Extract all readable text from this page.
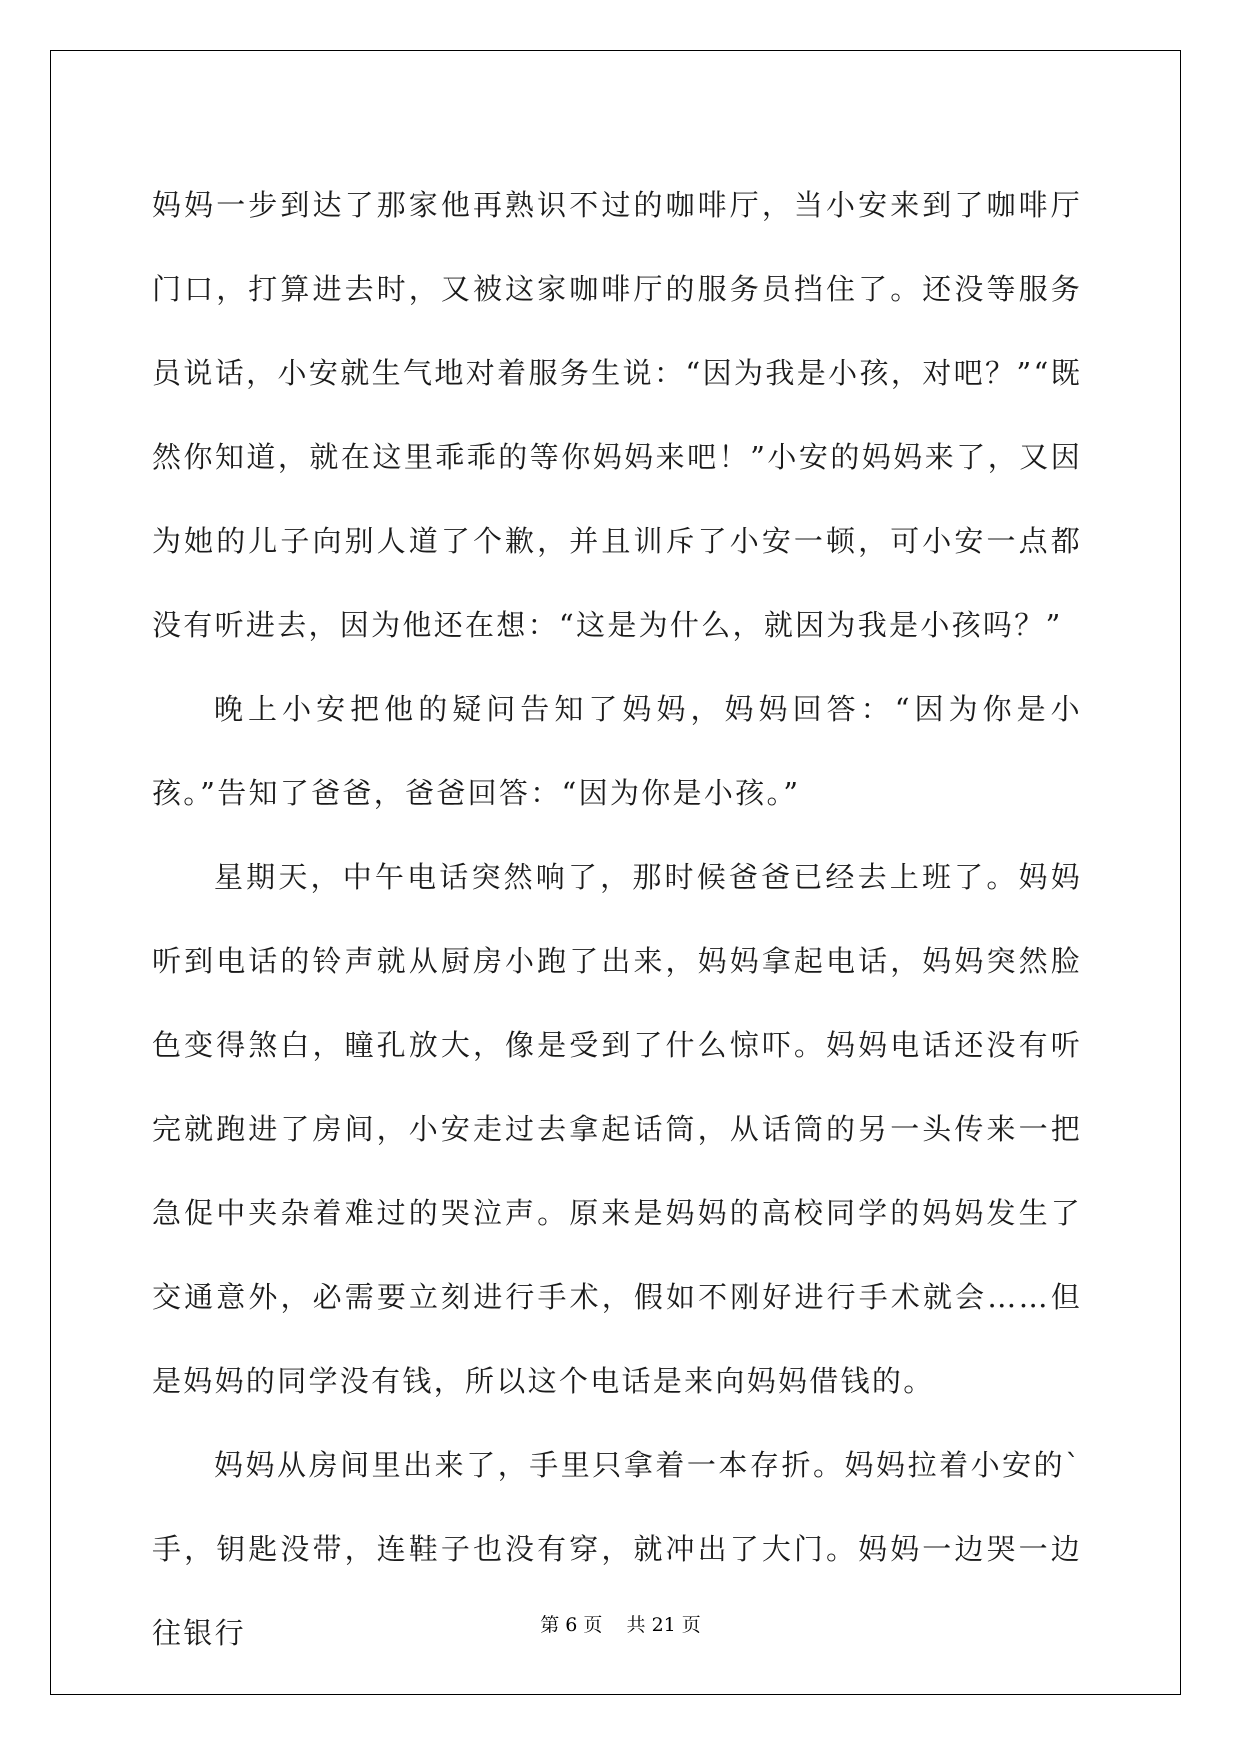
妈妈一步到达了那家他再熟识不过的咖啡厅，当小安来到了咖啡厅门口，打算进去时，又被这家咖啡厅的服务员挡住了。还没等服务员说话，小安就生气地对着服务生说：“因为我是小孩，对吧？”“既然你知道，就在这里乖乖的等你妈妈来吧！”小安的妈妈来了，又因为她的儿子向别人道了个歉，并且训斥了小安一顿，可小安一点都没有听进去，因为他还在想：“这是为什么，就因为我是小孩吗？”

晚上小安把他的疑问告知了妈妈，妈妈回答：“因为你是小孩。”告知了爸爸，爸爸回答：“因为你是小孩。”

星期天，中午电话突然响了，那时候爸爸已经去上班了。妈妈听到电话的铃声就从厨房小跑了出来，妈妈拿起电话，妈妈突然脸色变得煞白，瞳孔放大，像是受到了什么惊吓。妈妈电话还没有听完就跑进了房间，小安走过去拿起话筒，从话筒的另一头传来一把急促中夹杂着难过的哭泣声。原来是妈妈的高校同学的妈妈发生了交通意外，必需要立刻进行手术，假如不刚好进行手术就会……但是妈妈的同学没有钱，所以这个电话是来向妈妈借钱的。

妈妈从房间里出来了，手里只拿着一本存折。妈妈拉着小安的`手，钥匙没带，连鞋子也没有穿，就冲出了大门。妈妈一边哭一边往银行	第 6 页 共 21 页
